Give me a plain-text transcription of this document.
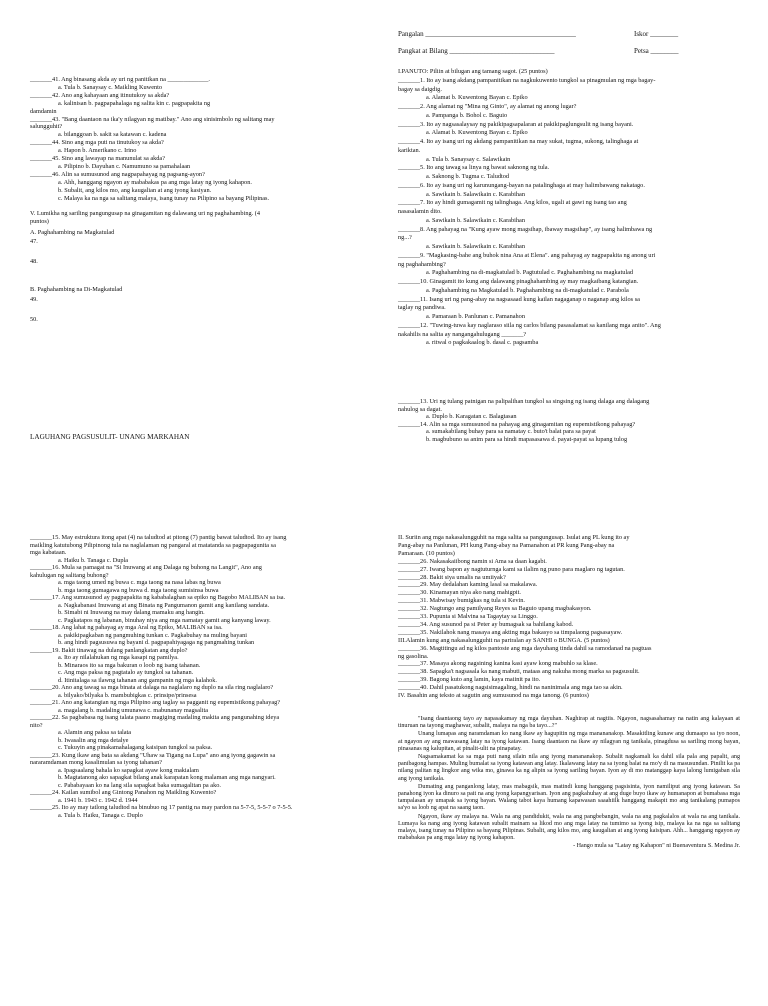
Pangalan ___________________________________________	Iskor ________
Pangkat at Bilang ______________________________	Petsa ________
_______41. Ang binasang akda ay uri ng panitikan na _____________.
a. Tula b. Sanaysay c. Maikling Kuwento
_______42. Ano ang kahayaan ang itinutukoy sa akda?
a. kalinisan b. pagpapahalaga ng salita kin c. pagpapakita ng
damdamin
_______43. "Bang daantaon na ika'y nilagyan ng matibay." Ano ang sinisimbolo ng salitang may
salungguhit?
a. bilanggoan b. sakit sa katawan c. kadena
_______44. Sino ang mga puti na tinutukoy sa akda?
a. Hapon b. Amerikano c. Irino
_______45. Sino ang lawayap na manunulat sa akda?
a. Pilipino b. Dayuhan c. Namumuno sa pamahalaan
_______46. Alin sa sumusunod ang nagpapahayag ng pagsang-ayon?
a. Ahh, hanggang ngayon ay mababakas pa ang mga latay ng iyong kahapon.
b. Subalit, ang kilos mo, ang kaugalian at ang iyong kasiyan.
c. Malaya ka na nga sa salitang malaya, isang tunay na Pilipino sa bayang Pilipinas.
V. Lumikha ng sariling pangungusap na ginagamitan ng dalawang uri ng paghahambing. (4
puntos)
A. Paghahambing na Magkatulad
47.
48.
B. Paghahambing na Di-Magkatulad
49.
50.
I.PANUTO: Piliin at bilugan ang tamang sagot. (25 puntos)
_______1. Ito ay isang akdang pampanitikan na nagkukuwento tungkol sa pinagmulan ng mga bagay-
bagay sa daigdig.
a. Alamat b. Kuwentong Bayan c. Epiko
_______2. Ang alamat ng "Mina ng Ginto", ay alamat ng anong lugar?
a. Pampanga b. Bohol c. Baguio
_______3. Ito ay nagsasalaysay ng pakikipagsapalaran at pakikipaglungsulit ng isang bayani.
a. Alamat b. Kuwentong Bayan c. Epiko
_______4. Ito ay isang uri ng akdang pampanitikan na may sukat, tugma, sukong, talinghaga at
kariktan.
a. Tula b. Sanaysay c. Salawikain
_______5. Ito ang tawag sa linya ng bawat saknong ng tula.
a. Saknong b. Tugma c. Taludtod
_______6. Ito ay isang uri ng karunungang-bayan na patalinghaga at may halimbawang nakatago.
a. Sawikain b. Salawikain c. Karabihan
_______7. Ito ay hindi gumagamit ng talinghaga. Ang kilos, ugali at gawi ng isang tao ang
nasasalamin dito.
a. Sawikain b. Salawikain c. Karabihan
_______8. Ang pahayag na "Kung ayaw mong magsihap, ibaway magsihap", ay isang halimbawa ng
ng...?
a. Sawikain b. Salawikain c. Karabihan
_______9. "Magkasing-bahe ang buhok nina Ana at Elena". ang pahayag ay nagpapakita ng anong uri
ng paghahambing?
a. Paghahambing na di-magkatulad b. Pagtutulad c. Paghahambing na magkatulad
_______10. Ginagamit ito kung ang dalawang pinaghahambing ay may magkaibang katangian.
a. Paghahambing na Magkatulad b. Paghahambing na di-magkatulad c. Parabola
_______11. Isang uri ng pang-abay na nagsasaad kung kailan nagaganap o naganap ang kilos sa
taglay ng pandiwa.
a. Pamaraan b. Panlunan c. Pamanahon
_______12. "Tuwing-tuwa kay naglaraso siila ng carlos bilang pasasalamat sa kanilang mga anito". Ang
nakahilis na salita ay nangangahulugang _______?
a. ritwal o pagkakaalog b. dasal c. pagsamba
_______13. Uri ng tulang patnigan na palipalihan tungkol sa singsing ng isang dalaga ang dalagang
nahulog sa dagat.
a. Duplo b. Karagatan c. Balagtasan
_______14. Alin sa mga sumusunod na pahayag ang ginagamitan ng eupemistikong pahayag?
a. sumakabilang buhay para sa namatay c. buto't balat para sa payat
b. magbubuno sa anim para sa hindi mapasasawa d. payat-payat sa lupang tulog
LAGUHANG PAGSUSULIT- UNANG MARKAHAN
_______15. May estruktura itong apat (4) na taludtod at pitong (7) pantig bawat taludtod. Ito ay isang
maikling katutubong Pilipinong tula na naglalaman ng pangaral at matatanda sa pagpapagunita sa
mga kabataan.
a. Haiku b. Tanaga c. Dupla
_______16. Mula sa pamagat na "Si Inuwang at ang Dalaga ng buhong na Langit", Ano ang
kahulugan ng salitang buhong?
a. mga taong umed ng buwa c. mga taong na nasa labas ng buwa
b. mga taong gumagawa ng buwa d. mga taong sumisinsa buwa
_______17. Ang sumusunod ay pagpapakita ng kababalaghan sa epiko ng Bagobo MALIBAN sa isa.
a. Nagkabanasi Inuwang at ang Binata ng Pangumanon gamit ang kanilang sandata.
b. Simabi ni Inuwang na may dalang mamaku ang hangin.
c. Pagkatapos ng labanan, binuhay niya ang mga namatay gamit ang kanyang laway.
_______18. Ang lahat ng pahayag ay mga Aral ng Epiko, MALIBAN sa isa.
a. pakikipagkaban ng pangmuhing tunkan c. Pagkabuhay na muling bayani
b. ang hindi pagsusuwa ng bayani d. pagpapahiyagaga ng pangmahing tunkan
_______19. Bakit tinawag na dulang panlangkatan ang duplo?
a. Ito ay nilalahukan ng mga kasapi ng pamilya.
b. Minaraos ito sa mga bakuran o loob ng isang tahanan.
c. Ang mga paksa ng pagtatalo ay tungkol sa tahanan.
d. Itinitalaga sa ilawng tahanan ang gampanin ng mga kalahok.
_______20. Ano ang tawag sa mga binata at dalaga na naglalaro ng duplo na sila ring naglalaro?
a. bilyako/bilyaka b. mambubigkas c. prinsipe/prinsesa
_______21. Ano ang katangian ng mga Pilipino ang taglay sa pagganit ng eupemistikong pahayag?
a. magalang b. madaling umunawa c. mabunanay magsalita
_______22. Sa pagbabasa ng isang talata paano magiging madaling makita ang pangunahing ideya
nito?
a. Alamin ang paksa sa talata
b. Iwasalin ang mga detalye
c. Tukuyin ang pinakamahalagang kaisipan tungkol sa paksa.
_______23. Kung ikaw ang bata sa akdang "Uhaw sa Tigang na Lupa" ano ang iyong gagawin sa
nararamdaman mong kasalimulan sa iyong tahanan?
a. Ipagsaalang bahala ko sapagkat ayaw kong makialam
b. Magtatanong ako sapagkat bilang anak karapatan kong malaman ang mga nangyari.
c. Pababayaan ko na lang sila sapagkat baka sumagalitan pa ako.
_______24. Kailan sumibol ang Gintong Panahon ng Maikling Kuwento?
a. 1941 b. 1943 c. 1942 d. 1944
_______25. Ito ay may tatlong taludtod na binubuo ng 17 pantig na may pardon na 5-7-5, 5-5-7 o 7-5-5.
a. Tula b. Haiku, Tanaga c. Duplo
II. Suriin ang mga nakasalungguhit na mga salita sa pangungusap. Isulat ang PL kung ito ay
Pang-abay na Panlunan, PH kung Pang-abay na Pamanahon at PR kung Pang-abay na
Pamaraan. (10 puntos)
_______26. Nakasakaiibong namin si Ama sa daan kagabi.
_______27. Iwang bapon ay nagtuturnga kami sa ilalim ng puno para maglaro ng tagutan.
_______28. Bakit siya umalis na umiiyak?
_______29. May dedalahan kaming lasal sa makalawa.
_______30. Kinamayan niya ako nang mahigpit.
_______31. Mabwisay bumigkas ng tula si Kevin.
_______32. Nagtungo ang pamilyang Reyes sa Baguio upang magbakasyon.
_______33. Pupunta si Malvina sa Tagaytay sa Linggo.
_______34. Ang susunod pa si Peter ay bumagsak sa bahilang kabod.
_______35. Nakilahok nang masaya ang akting mga bakasyo sa timpalaong pagsasayaw.
III.Alamin kung ang nakasalungguhit na pariralan ay SANHI o BUNGA. (5 puntos)
_______36. Magtitingu ad ng kilos pantoste ang mga dayuhang tinda dahil sa ramodanad na pagtuas
ng gasolina.
_______37. Masaya akong nagsining kanina kasi ayaw kong mabuhlo sa klase.
_______38. Sapagka't nagsasala ka nang mabuti, mataas ang nakuha mong marka sa pagsusulit.
_______39. Bagong kuto ang lamin, kaya maiinit pa ito.
_______40. Dahil pasatukong nagsisimagaling, hindi na naninimala ang mga tao sa akin.
IV. Basahin ang teksto at sagutin ang sumusunod na mga tanong. (6 puntos)

"Isang daantaong tayo ay napasakamay ng mga dayuhan. Naghirap at nagtiis. Ngayon, nagsasahamay na natin ang kalayaan at tinuruan na tayong maghawar, subalit, malaya na nga ba tayo...?"

Unang lumapas ang naramdaman ko nang ikaw ay hagupitin ng mga manananakop. Masakitling kunaw ang dumaapo sa iyo noon, at ngayon ay ang mawasang latay na iyong katawan. Isang daantaon na ikaw ay nilagyan ng tanikala, pinagdusa sa sariling mong bayan, pinasanas ng kalupitan, at pinalit-ulit na pinapatay.

Nagsamakamat ka sa mga puti nang silain nila ang iyong manananakop. Subalit nagkamali ka dahil sila pala ang papalit, ang panibagong hampas. Muling bumalat sa iyong katawan ang latay. Ikalawang latay na sa iyong balat na mo'y di na masusundan. Pinilit ka pa nilang palitan ng lingkor ang wika mo, ginawa ka ng alipin sa iyong sariling bayan. Iyon ay di mo matanggap kaya lalong lumigaban sila ang iyong tanikala.

Dumating ang panganlong latay, mas mabagsik, mas matindi kung hanggang pagsisinta, iyon namiliput ang iyong katawan. Sa panahong iyon ka dinuro sa pait na ang iyong kapangyarisan. Iyon ang pagkahuhay at ang duge buyo ikaw ay humanapon at bumabasa mga tampalasan ay umapak sa iyong bayan. Walang tabot kaya humang kapawasan saaahiilk hanggang makapit mo ang tanikalang pumapos sa'yo sa loob ng apat na saang taon.

Ngayon, ikaw ay malaya na. Wala na ang pandidukit, wala na ang pangbebangin, wala na ang pagkalalos at wala na ang tanikala. Lumaya ka nang ang iyong katawan subalit mainam sa likod mo ang mga latay na tumimo sa iyong isip, malaya ka na nga sa salitang malaya, isang tunay na Pilipino sa bayang Pilipinas. Subalit, ang kilos mo, ang kaugalian at ang iyong kaisipan. Ahh... hanggang ngayon ay mababakas pa ang mga latay ng iyong kahapon.

- Hango mula sa "Latay ng Kahapon" ni Buenaventura S. Medina Jr.
